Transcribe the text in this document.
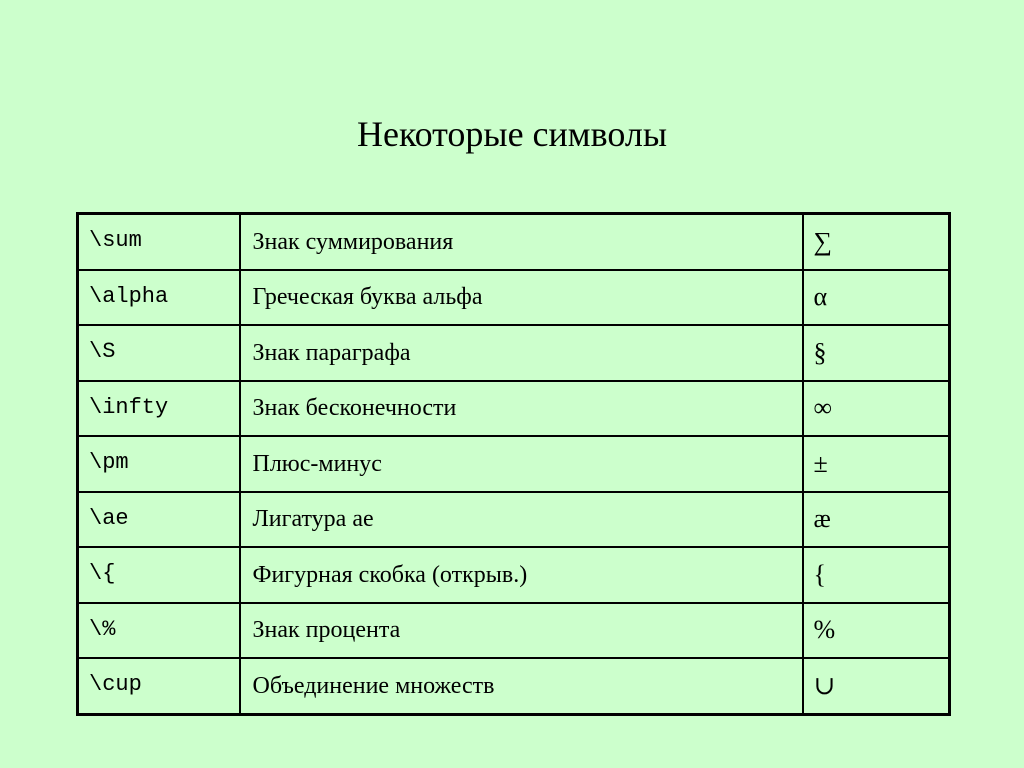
Некоторые символы
\sum	Знак суммирования	∑
\alpha	Греческая буква альфа	α
\S	Знак параграфа	§
\infty	Знак бесконечности	∞
\pm	Плюс-минус	±
\ae	Лигатура ae	æ
\{	Фигурная скобка (открыв.)	{
\%	Знак процента	%
\cup	Объединение множеств	∪
